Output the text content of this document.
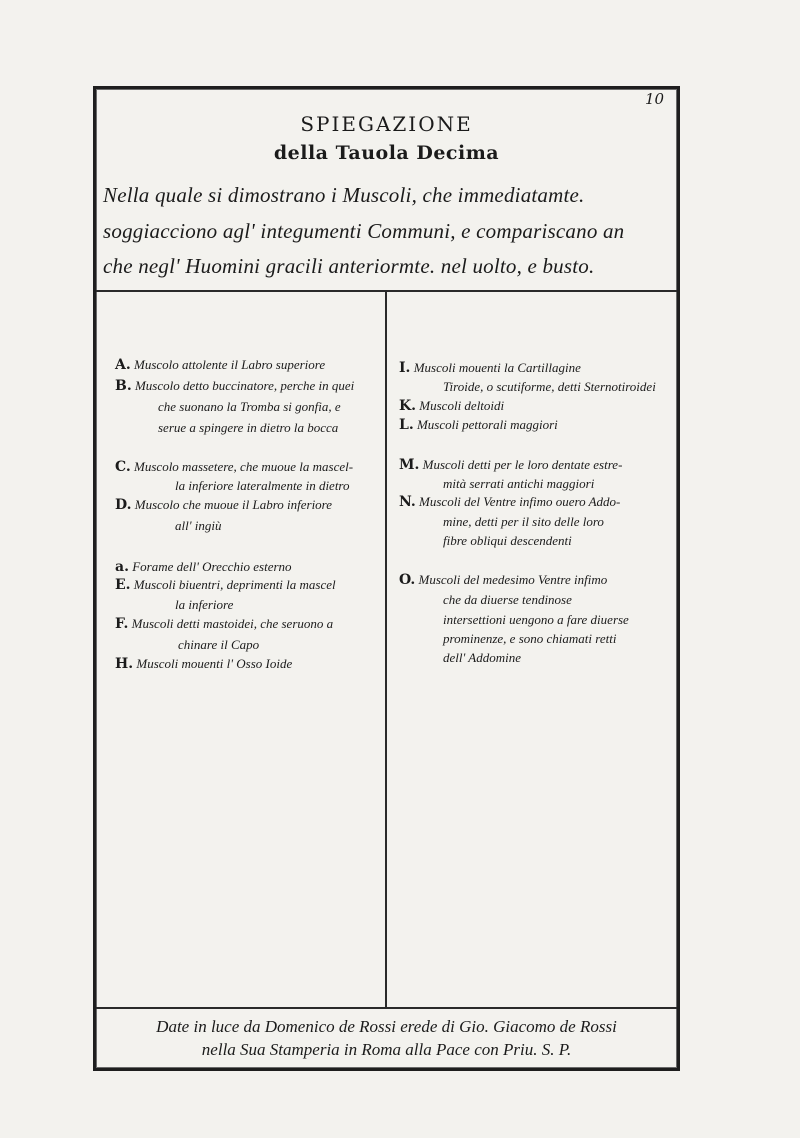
10
SPIEGAZIONE
della Tauola Decima
Nella quale si dimostrano i Muscoli, che immediatamte.
soggiacciono agl' integumenti Communi, e compariscano an
che negl' Huomini gracili anteriormte. nel uolto, e busto.
A. Muscolo attolente il Labro superiore
B. Muscolo detto buccinatore, perche in quei
che suonano la Tromba si gonfia, e
serue a spingere in dietro la bocca
C. Muscolo massetere, che muoue la mascel-
la inferiore lateralmente in dietro
D. Muscolo che muoue il Labro inferiore
all' ingiù
a. Forame dell' Orecchio esterno
E. Muscoli biuentri, deprimenti la mascel
la inferiore
F. Muscoli detti mastoidei, che seruono a
chinare il Capo
H. Muscoli mouenti l' Osso Ioide
I. Muscoli mouenti la Cartillagine
Tiroide, o scutiforme, detti Sternotiroidei
K. Muscoli deltoidi
L. Muscoli pettorali maggiori
M. Muscoli detti per le loro dentate estre-
mità serrati antichi maggiori
N. Muscoli del Ventre infimo ouero Addo-
mine, detti per il sito delle loro
fibre obliqui descendenti
O. Muscoli del medesimo Ventre infimo
che da diuerse tendinose
intersettioni uengono a fare diuerse
prominenze, e sono chiamati retti
dell' Addomine
Date in luce da Domenico de Rossi erede di Gio. Giacomo de Rossi
nella Sua Stamperia in Roma alla Pace con Priu. S. P.
